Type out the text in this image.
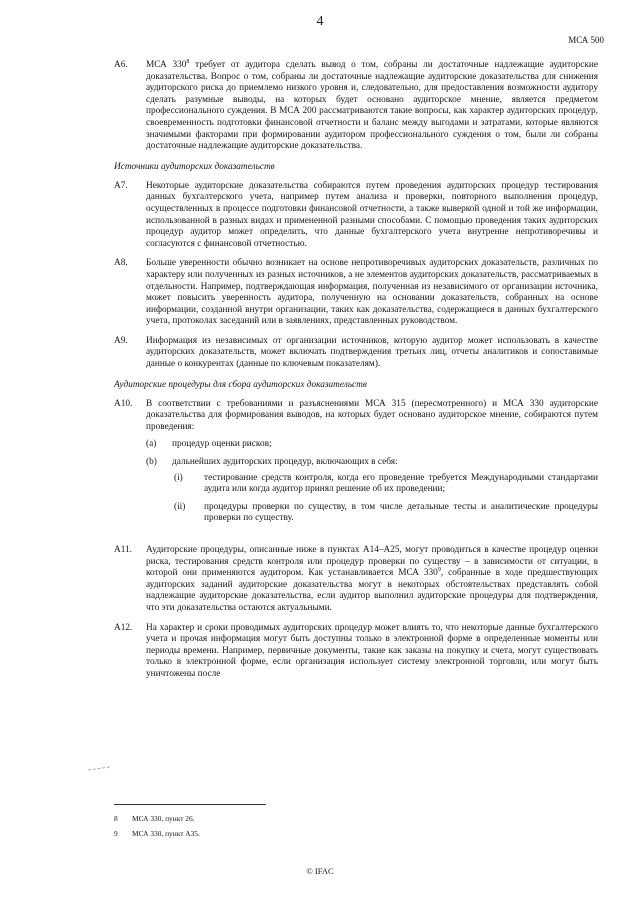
4
МСА 500
A6.	МСА $330^8$ требует от аудитора сделать вывод о том, собраны ли достаточные надлежащие аудиторские доказательства. Вопрос о том, собраны ли достаточные надлежащие аудиторские доказательства для снижения аудиторского риска до приемлемо низкого уровня и, следовательно, для предоставления возможности аудитору сделать разумные выводы, на которых будет основано аудиторское мнение, является предметом профессионального суждения. В МСА 200 рассматриваются такие вопросы, как характер аудиторских процедур, своевременность подготовки финансовой отчетности и баланс между выгодами и затратами, которые являются значимыми факторами при формировании аудитором профессионального суждения о том, были ли собраны достаточные надлежащие аудиторские доказательства.
Источники аудиторских доказательств
A7.	Некоторые аудиторские доказательства собираются путем проведения аудиторских процедур тестирования данных бухгалтерского учета, например путем анализа и проверки, повторного выполнения процедур, осуществленных в процессе подготовки финансовой отчетности, а также выверкой одной и той же информации, использованной в разных видах и примененной разными способами. С помощью проведения таких аудиторских процедур аудитор может определить, что данные бухгалтерского учета внутренне непротиворечивы и согласуются с финансовой отчетностью.
A8.	Больше уверенности обычно возникает на основе непротиворечивых аудиторских доказательств, различных по характеру или полученных из разных источников, а не элементов аудиторских доказательств, рассматриваемых в отдельности. Например, подтверждающая информация, полученная из независимого от организации источника, может повысить уверенность аудитора, полученную на основании доказательств, собранных на основе информации, созданной внутри организации, таких как доказательства, содержащиеся в данных бухгалтерского учета, протоколах заседаний или в заявлениях, представленных руководством.
A9.	Информация из независимых от организации источников, которую аудитор может использовать в качестве аудиторских доказательств, может включать подтверждения третьих лиц, отчеты аналитиков и сопоставимые данные о конкурентах (данные по ключевым показателям).
Аудиторские процедуры для сбора аудиторских доказательств
A10.	В соответствии с требованиями и разъяснениями МСА 315 (пересмотренного) и МСА 330 аудиторские доказательства для формирования выводов, на которых будет основано аудиторское мнение, собираются путем проведения:
(a)	процедур оценки рисков;
(b)	дальнейших аудиторских процедур, включающих в себя:
(i)	тестирование средств контроля, когда его проведение требуется Международными стандартами аудита или когда аудитор принял решение об их проведении;
(ii)	процедуры проверки по существу, в том числе детальные тесты и аналитические процедуры проверки по существу.
A11.	Аудиторские процедуры, описанные ниже в пунктах A14–A25, могут проводиться в качестве процедур оценки риска, тестирования средств контроля или процедур проверки по существу – в зависимости от ситуации, в которой они применяются аудитором. Как устанавливается МСА $330^9$, собранные в ходе предшествующих аудиторских заданий аудиторские доказательства могут в некоторых обстоятельствах представлять собой надлежащие аудиторские доказательства, если аудитор выполнил аудиторские процедуры для подтверждения, что эти доказательства остаются актуальными.
A12.	На характер и сроки проводимых аудиторских процедур может влиять то, что некоторые данные бухгалтерского учета и прочая информация могут быть доступны только в электронной форме в определенные моменты или периоды времени. Например, первичные документы, такие как заказы на покупку и счета, могут существовать только в электронной форме, если организация использует систему электронной торговли, или могут быть уничтожены после
8	МСА 330, пункт 26.
9	МСА 330, пункт A35.
© IFAC
